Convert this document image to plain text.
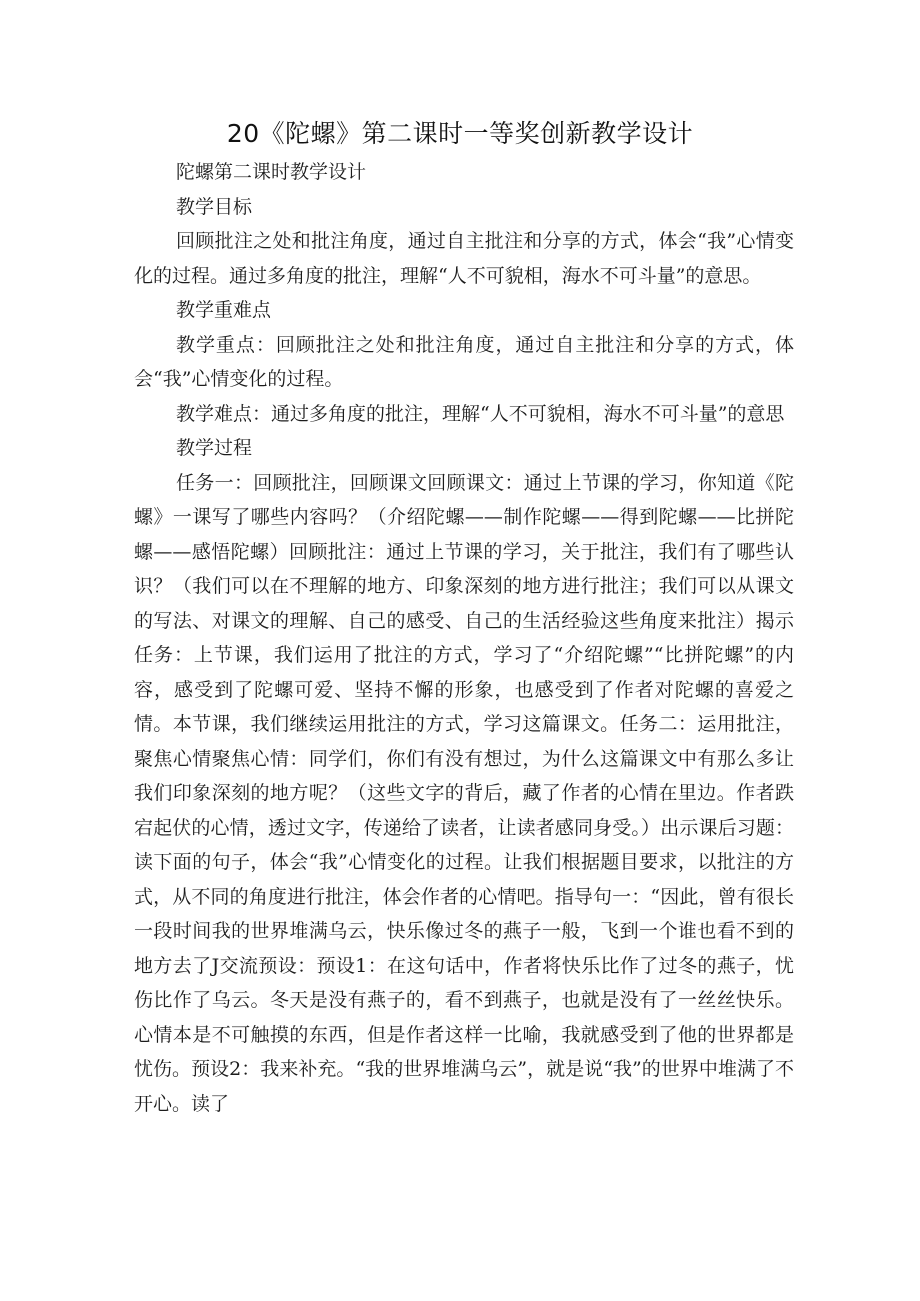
20《陀螺》第二课时一等奖创新教学设计

陀螺第二课时教学设计

教学目标

回顾批注之处和批注角度，通过自主批注和分享的方式，体会“我”心情变化的过程。通过多角度的批注，理解“人不可貌相，海水不可斗量”的意思。

教学重难点

教学重点：回顾批注之处和批注角度，通过自主批注和分享的方式，体会“我”心情变化的过程。

教学难点：通过多角度的批注，理解“人不可貌相，海水不可斗量”的意思

教学过程

任务一：回顾批注，回顾课文回顾课文：通过上节课的学习，你知道《陀螺》一课写了哪些内容吗？（介绍陀螺——制作陀螺——得到陀螺——比拼陀螺——感悟陀螺）回顾批注：通过上节课的学习，关于批注，我们有了哪些认识？（我们可以在不理解的地方、印象深刻的地方进行批注；我们可以从课文的写法、对课文的理解、自己的感受、自己的生活经验这些角度来批注）揭示任务：上节课，我们运用了批注的方式，学习了“介绍陀螺”“比拼陀螺”的内容，感受到了陀螺可爱、坚持不懈的形象，也感受到了作者对陀螺的喜爱之情。本节课，我们继续运用批注的方式，学习这篇课文。任务二：运用批注，聚焦心情聚焦心情：同学们，你们有没有想过，为什么这篇课文中有那么多让我们印象深刻的地方呢？（这些文字的背后，藏了作者的心情在里边。作者跌宕起伏的心情，透过文字，传递给了读者，让读者感同身受。）出示课后习题：读下面的句子，体会“我”心情变化的过程。让我们根据题目要求，以批注的方式，从不同的角度进行批注，体会作者的心情吧。指导句一：“因此，曾有很长一段时间我的世界堆满乌云，快乐像过冬的燕子一般，飞到一个谁也看不到的地方去了J交流预设：预设1：在这句话中，作者将快乐比作了过冬的燕子，忧伤比作了乌云。冬天是没有燕子的，看不到燕子，也就是没有了一丝丝快乐。心情本是不可触摸的东西，但是作者这样一比喻，我就感受到了他的世界都是忧伤。预设2：我来补充。“我的世界堆满乌云”，就是说“我”的世界中堆满了不开心。读了
